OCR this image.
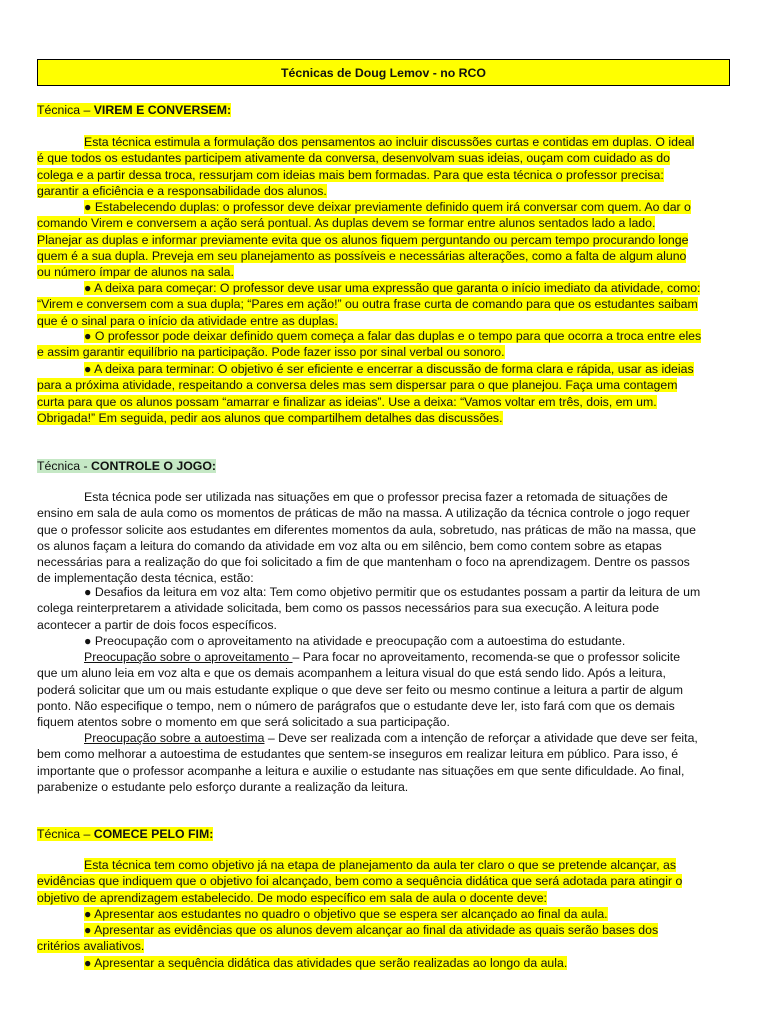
Técnicas de Doug Lemov - no RCO
Técnica – VIREM E CONVERSEM:

Esta técnica estimula a formulação dos pensamentos ao incluir discussões curtas e contidas em duplas. O ideal
é que todos os estudantes participem ativamente da conversa, desenvolvam suas ideias, ouçam com cuidado as do
colega e a partir dessa troca, ressurjam com ideias mais bem formadas. Para que esta técnica o professor precisa:
garantir a eficiência e a responsabilidade dos alunos.

● Estabelecendo duplas: o professor deve deixar previamente definido quem irá conversar com quem. Ao dar o
comando Virem e conversem a ação será pontual. As duplas devem se formar entre alunos sentados lado a lado.
Planejar as duplas e informar previamente evita que os alunos fiquem perguntando ou percam tempo procurando longe
quem é a sua dupla. Preveja em seu planejamento as possíveis e necessárias alterações, como a falta de algum aluno
ou número ímpar de alunos na sala.

● A deixa para começar: O professor deve usar uma expressão que garanta o início imediato da atividade, como:
“Virem e conversem com a sua dupla; “Pares em ação!” ou outra frase curta de comando para que os estudantes saibam
que é o sinal para o início da atividade entre as duplas.

● O professor pode deixar definido quem começa a falar das duplas e o tempo para que ocorra a troca entre eles
e assim garantir equilíbrio na participação. Pode fazer isso por sinal verbal ou sonoro.

● A deixa para terminar: O objetivo é ser eficiente e encerrar a discussão de forma clara e rápida, usar as ideias
para a próxima atividade, respeitando a conversa deles mas sem dispersar para o que planejou. Faça uma contagem
curta para que os alunos possam “amarrar e finalizar as ideias”. Use a deixa: “Vamos voltar em três, dois, em um.
Obrigada!” Em seguida, pedir aos alunos que compartilhem detalhes das discussões.

Técnica - CONTROLE O JOGO:

Esta técnica pode ser utilizada nas situações em que o professor precisa fazer a retomada de situações de
ensino em sala de aula como os momentos de práticas de mão na massa. A utilização da técnica controle o jogo requer
que o professor solicite aos estudantes em diferentes momentos da aula, sobretudo, nas práticas de mão na massa, que
os alunos façam a leitura do comando da atividade em voz alta ou em silêncio, bem como contem sobre as etapas
necessárias para a realização do que foi solicitado a fim de que mantenham o foco na aprendizagem. Dentre os passos
de implementação desta técnica, estão:

● Desafios da leitura em voz alta: Tem como objetivo permitir que os estudantes possam a partir da leitura de um
colega reinterpretarem a atividade solicitada, bem como os passos necessários para sua execução. A leitura pode
acontecer a partir de dois focos específicos.

● Preocupação com o aproveitamento na atividade e preocupação com a autoestima do estudante.

Preocupação sobre o aproveitamento – Para focar no aproveitamento, recomenda-se que o professor solicite
que um aluno leia em voz alta e que os demais acompanhem a leitura visual do que está sendo lido. Após a leitura,
poderá solicitar que um ou mais estudante explique o que deve ser feito ou mesmo continue a leitura a partir de algum
ponto. Não especifique o tempo, nem o número de parágrafos que o estudante deve ler, isto fará com que os demais
fiquem atentos sobre o momento em que será solicitado a sua participação.

Preocupação sobre a autoestima – Deve ser realizada com a intenção de reforçar a atividade que deve ser feita,
bem como melhorar a autoestima de estudantes que sentem-se inseguros em realizar leitura em público. Para isso, é
importante que o professor acompanhe a leitura e auxilie o estudante nas situações em que sente dificuldade. Ao final,
parabenize o estudante pelo esforço durante a realização da leitura.

Técnica – COMECE PELO FIM:

Esta técnica tem como objetivo já na etapa de planejamento da aula ter claro o que se pretende alcançar, as
evidências que indiquem que o objetivo foi alcançado, bem como a sequência didática que será adotada para atingir o
objetivo de aprendizagem estabelecido. De modo específico em sala de aula o docente deve:

● Apresentar aos estudantes no quadro o objetivo que se espera ser alcançado ao final da aula.

● Apresentar as evidências que os alunos devem alcançar ao final da atividade as quais serão bases dos
critérios avaliativos.

● Apresentar a sequência didática das atividades que serão realizadas ao longo da aula.
